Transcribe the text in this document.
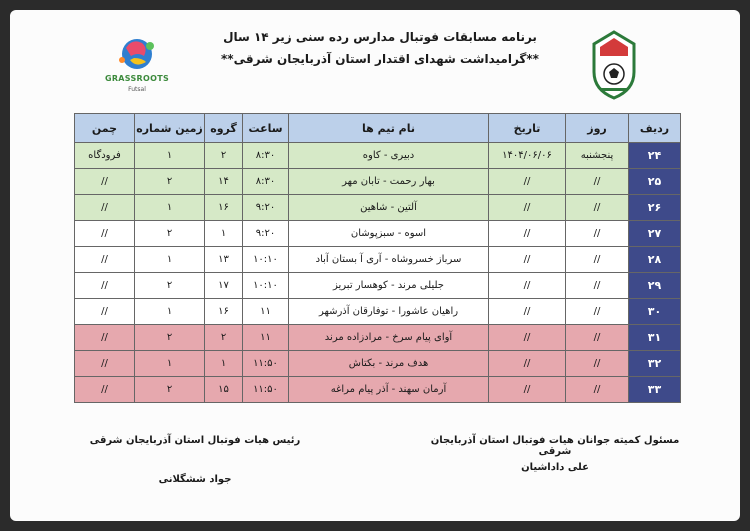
برنامه مسابقات فوتبال مدارس رده سنی زیر ۱۴ سال
**گرامیداشت شهدای اقتدار استان آذربایجان شرقی**
GRASSROOTS
Futsal
ردیف	روز	تاریخ	نام تیم ها	ساعت	گروه	زمین شماره	چمن
۲۴	پنجشنبه	۱۴۰۴/۰۶/۰۶	دبیری - کاوه	۸:۳۰	۲	۱	فرودگاه
۲۵	//	//	بهار رحمت - تابان مهر	۸:۳۰	۱۴	۲	//
۲۶	//	//	آلتین - شاهین	۹:۲۰	۱۶	۱	//
۲۷	//	//	اسوه - سبزپوشان	۹:۲۰	۱	۲	//
۲۸	//	//	سرباز خسروشاه - آری آ بستان آباد	۱۰:۱۰	۱۳	۱	//
۲۹	//	//	جلیلی مرند - کوهسار تبریز	۱۰:۱۰	۱۷	۲	//
۳۰	//	//	راهیان عاشورا - توفارقان آذرشهر	۱۱	۱۶	۱	//
۳۱	//	//	آوای پیام سرخ - مرادزاده مرند	۱۱	۲	۲	//
۳۲	//	//	هدف مرند - بکتاش	۱۱:۵۰	۱	۱	//
۳۳	//	//	آرمان سهند - آذر پیام مراغه	۱۱:۵۰	۱۵	۲	//
مسئول کمیته جوانان هیات فوتبال استان آذربایجان شرقی
علی داداشیان
رئیس هیات فوتبال استان آذربایجان شرقی
جواد ششگلانی
